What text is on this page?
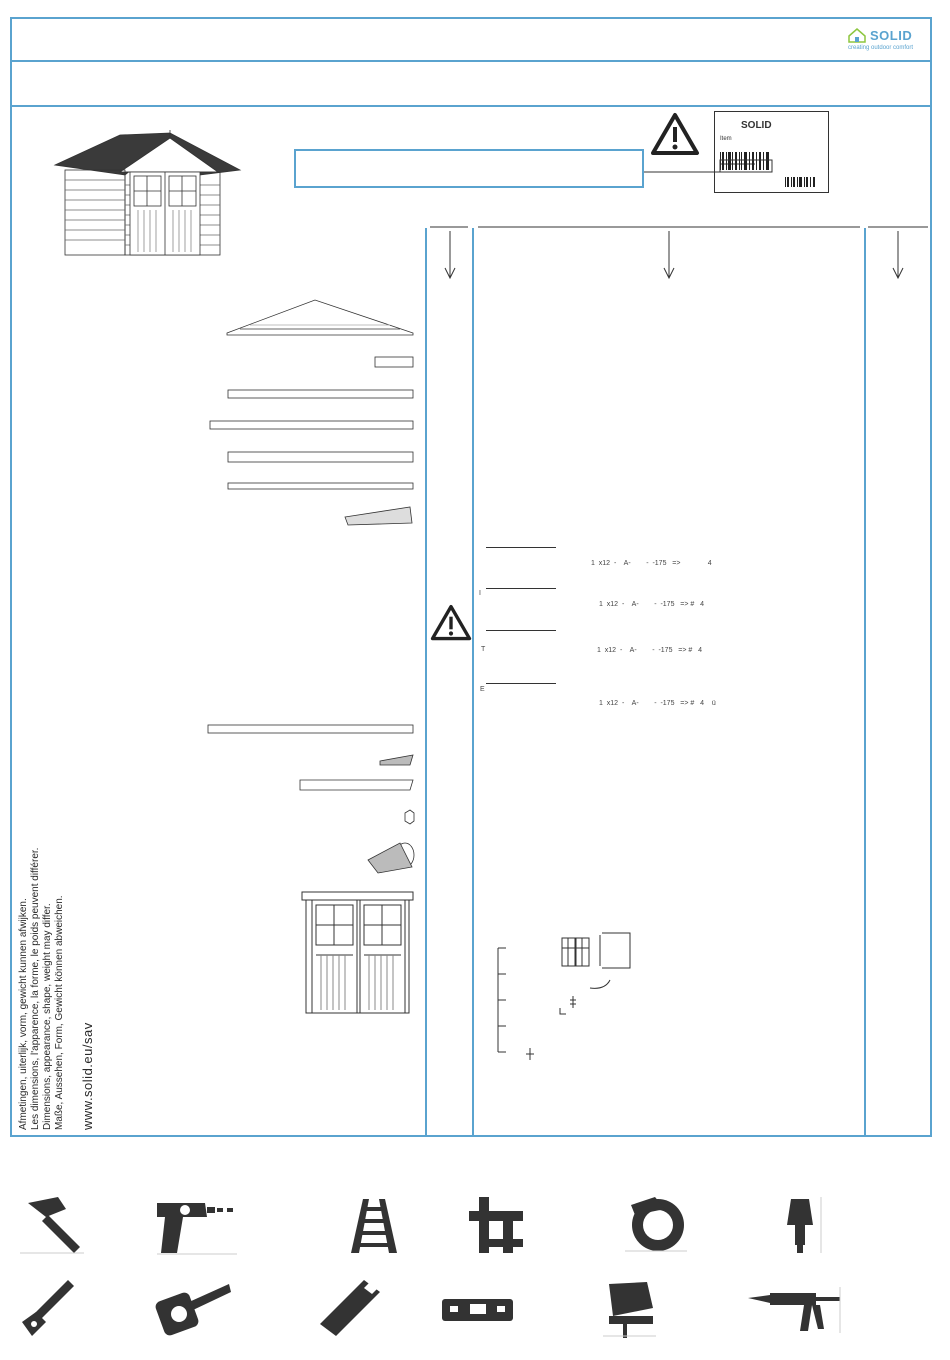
SOLID
creating outdoor comfort
SOLID
Item
1  x12  -    A-        -  -175   =>              4
I
1  x12  -    A-        -  -175   => #   4
T	1  x12  -    A-        -  -175   => #   4
E
1  x12  -    A-        -  -175   => #   4    ü
Afmetingen, uiterlijk, vorm, gewicht kunnen afwijken. Les dimensions, l'apparence, la forme, le poids peuvent différer. Dimensions, appearance, shape, weight may differ. Maße, Aussehen, Form, Gewicht können abweichen. www.solid.eu/sav
